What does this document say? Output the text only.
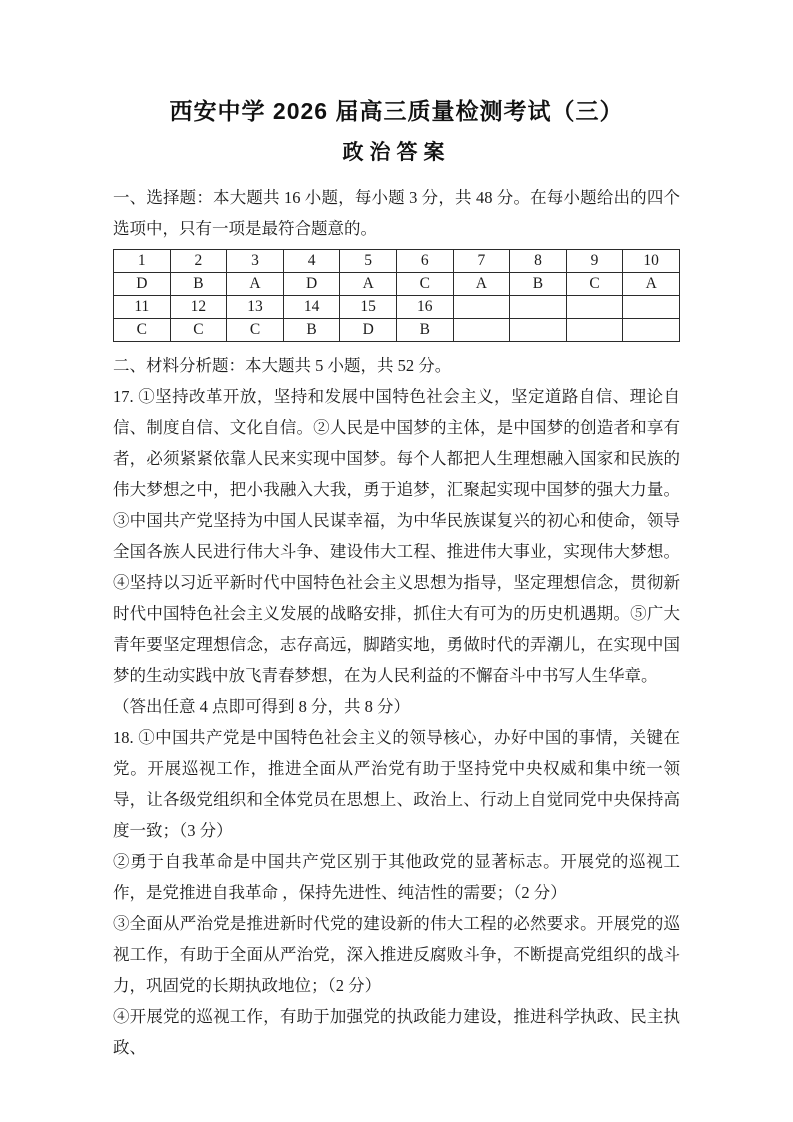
西安中学 2026 届高三质量检测考试（三）
政治答案

一、选择题：本大题共 16 小题，每小题 3 分，共 48 分。在每小题给出的四个选项中，只有一项是最符合题意的。

1	2	3	4	5	6	7	8	9	10
D	B	A	D	A	C	A	B	C	A
11	12	13	14	15	16				
C	C	C	B	D	B				

二、材料分析题：本大题共 5 小题，共 52 分。

17. ①坚持改革开放，坚持和发展中国特色社会主义，坚定道路自信、理论自信、制度自信、文化自信。②人民是中国梦的主体，是中国梦的创造者和享有者，必须紧紧依靠人民来实现中国梦。每个人都把人生理想融入国家和民族的伟大梦想之中，把小我融入大我，勇于追梦，汇聚起实现中国梦的强大力量。③中国共产党坚持为中国人民谋幸福，为中华民族谋复兴的初心和使命，领导全国各族人民进行伟大斗争、建设伟大工程、推进伟大事业，实现伟大梦想。④坚持以习近平新时代中国特色社会主义思想为指导，坚定理想信念，贯彻新时代中国特色社会主义发展的战略安排，抓住大有可为的历史机遇期。⑤广大青年要坚定理想信念，志存高远，脚踏实地，勇做时代的弄潮儿，在实现中国梦的生动实践中放飞青春梦想，在为人民利益的不懈奋斗中书写人生华章。

（答出任意 4 点即可得到 8 分，共 8 分）

18. ①中国共产党是中国特色社会主义的领导核心，办好中国的事情，关键在党。开展巡视工作，推进全面从严治党有助于坚持党中央权威和集中统一领导，让各级党组织和全体党员在思想上、政治上、行动上自觉同党中央保持高度一致；（3 分）

②勇于自我革命是中国共产党区别于其他政党的显著标志。开展党的巡视工作，是党推进自我革命 ，保持先进性、纯洁性的需要；（2 分）

③全面从严治党是推进新时代党的建设新的伟大工程的必然要求。开展党的巡视工作，有助于全面从严治党，深入推进反腐败斗争，不断提高党组织的战斗力，巩固党的长期执政地位；（2 分）

④开展党的巡视工作，有助于加强党的执政能力建设，推进科学执政、民主执政、
